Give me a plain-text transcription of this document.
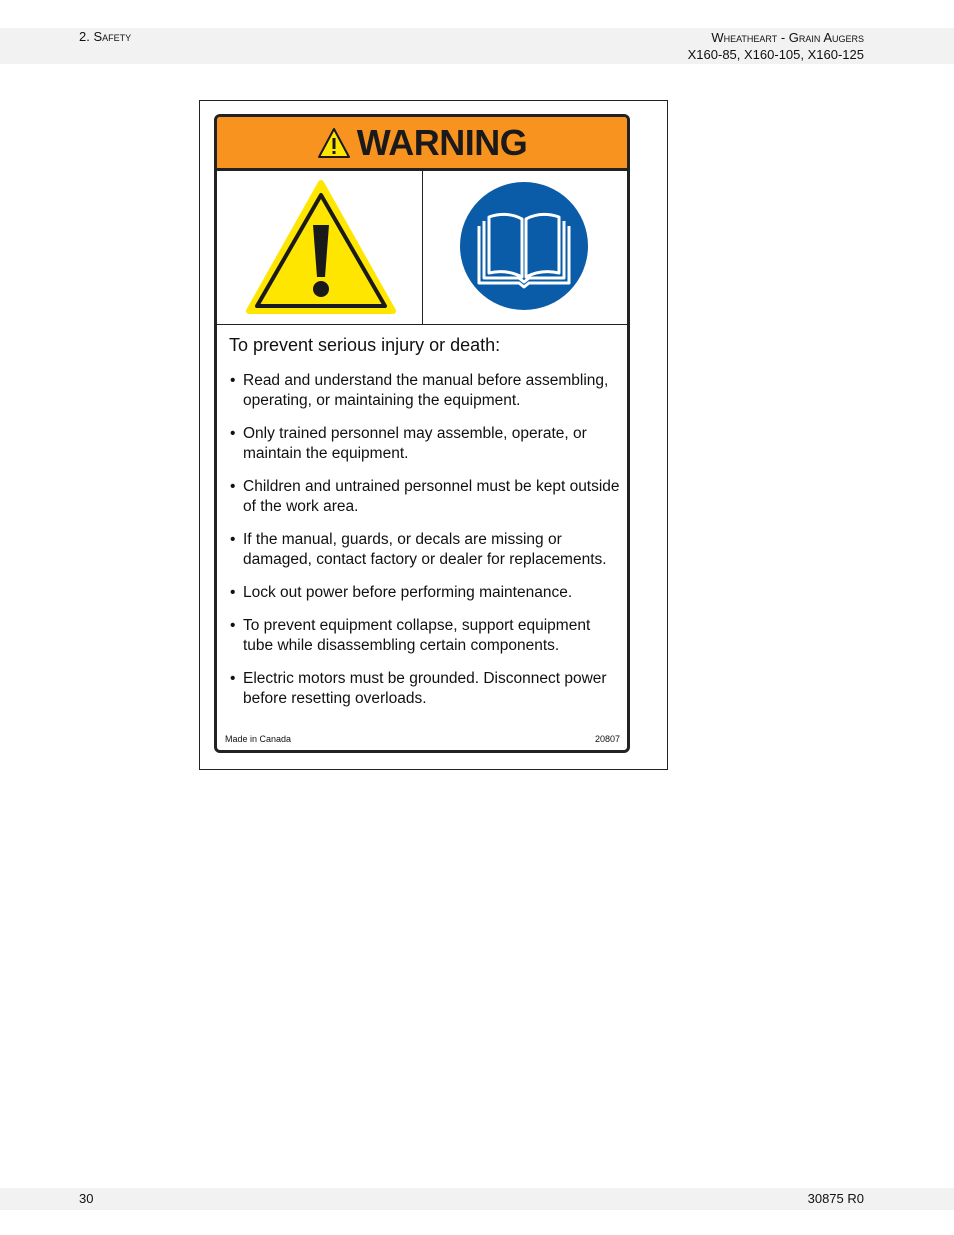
2. Safety	Wheatheart - Grain Augers
X160-85, X160-105, X160-125
WARNING
To prevent serious injury or death:
• Read and understand the manual before assembling, operating, or maintaining the equipment.
• Only trained personnel may assemble, operate, or maintain the equipment.
• Children and untrained personnel must be kept outside of the work area.
• If the manual, guards, or decals are missing or damaged, contact factory or dealer for replacements.
• Lock out power before performing maintenance.
• To prevent equipment collapse, support equipment tube while disassembling certain components.
• Electric motors must be grounded. Disconnect power before resetting overloads.
Made in Canada	20807
30	30875 R0
